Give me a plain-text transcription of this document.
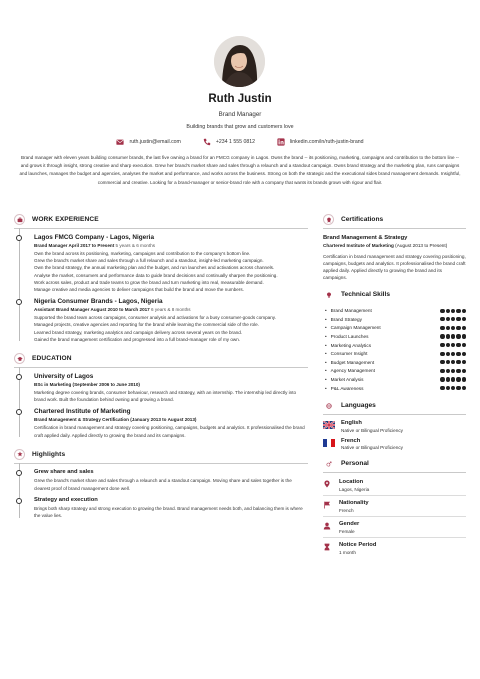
Ruth Justin
Brand Manager
Building brands that grow and customers love
ruth.justin@email.com	+234 1 555 0812	linkedin.com/in/ruth-justin-brand
Brand manager with eleven years building consumer brands, the last five owning a brand for an FMCG company in Lagos. Owns the brand -- its positioning, marketing, campaigns and contribution to the bottom line -- and grows it through insight, strong creative and sharp execution. Grew her brand's market share and sales through a relaunch and a standout campaign. Owns brand strategy and the marketing plan, runs campaigns and launches, manages the budget and agencies, analyses the market and performance, and works across the business. Strong on both the strategic and the executional sides brand management demands. Insightful, commercial and creative. Looking for a brand-manager or senior-brand role with a company that wants its brands grown with rigour and flair.
WORK EXPERIENCE
Lagos FMCG Company - Lagos, Nigeria
Brand Manager April 2017 to Present 5 years & 6 months
Own the brand across its positioning, marketing, campaigns and contribution to the company's bottom line.
Grew the brand's market share and sales through a full relaunch and a standout, insight-led marketing campaign.
Own the brand strategy, the annual marketing plan and the budget, and run launches and activations across channels.
Analyse the market, consumers and performance data to guide brand decisions and continually sharpen the positioning.
Work across sales, product and trade teams to grow the brand and turn marketing into real, measurable demand.
Manage creative and media agencies to deliver campaigns that build the brand and move the numbers.
Nigeria Consumer Brands - Lagos, Nigeria
Assistant Brand Manager August 2010 to March 2017 6 years & 8 months
Supported the brand team across campaigns, consumer analysis and activations for a busy consumer-goods company.
Managed projects, creative agencies and reporting for the brand while learning the commercial side of the role.
Learned brand strategy, marketing analytics and campaign delivery across several years on the brand.
Gained the brand management certification and progressed into a full brand-manager role of my own.
EDUCATION
University of Lagos
BSc in Marketing (September 2006 to June 2010)
Marketing degree covering brands, consumer behaviour, research and strategy, with an internship. The internship led directly into brand work. Built the foundation behind owning and growing a brand.
Chartered Institute of Marketing
Brand Management & Strategy Certification (January 2013 to August 2013)
Certification in brand management and strategy covering positioning, campaigns, budgets and analytics. It professionalised the brand craft applied daily. Applied directly to growing the brand and its campaigns.
Highlights
Grew share and sales
Grew the brand's market share and sales through a relaunch and a standout campaign. Moving share and sales together is the clearest proof of brand management done well.
Strategy and execution
Brings both sharp strategy and strong execution to growing the brand. Brand management needs both, and balancing them is where the value lies.
Certifications
Brand Management & Strategy
Chartered Institute of Marketing (August 2013 to Present)
Certification in brand management and strategy covering positioning, campaigns, budgets and analytics. It professionalised the brand craft applied daily. Applied directly to growing the brand and its campaigns.
Technical Skills
• Brand Management
• Brand Strategy
• Campaign Management
• Product Launches
• Marketing Analytics
• Consumer Insight
• Budget Management
• Agency Management
• Market Analysis
• P&L Awareness
Languages
English
Native or Bilingual Proficiency
French
Native or Bilingual Proficiency
Personal
Location
Lagos, Nigeria
Nationality
French
Gender
Female
Notice Period
1 month
